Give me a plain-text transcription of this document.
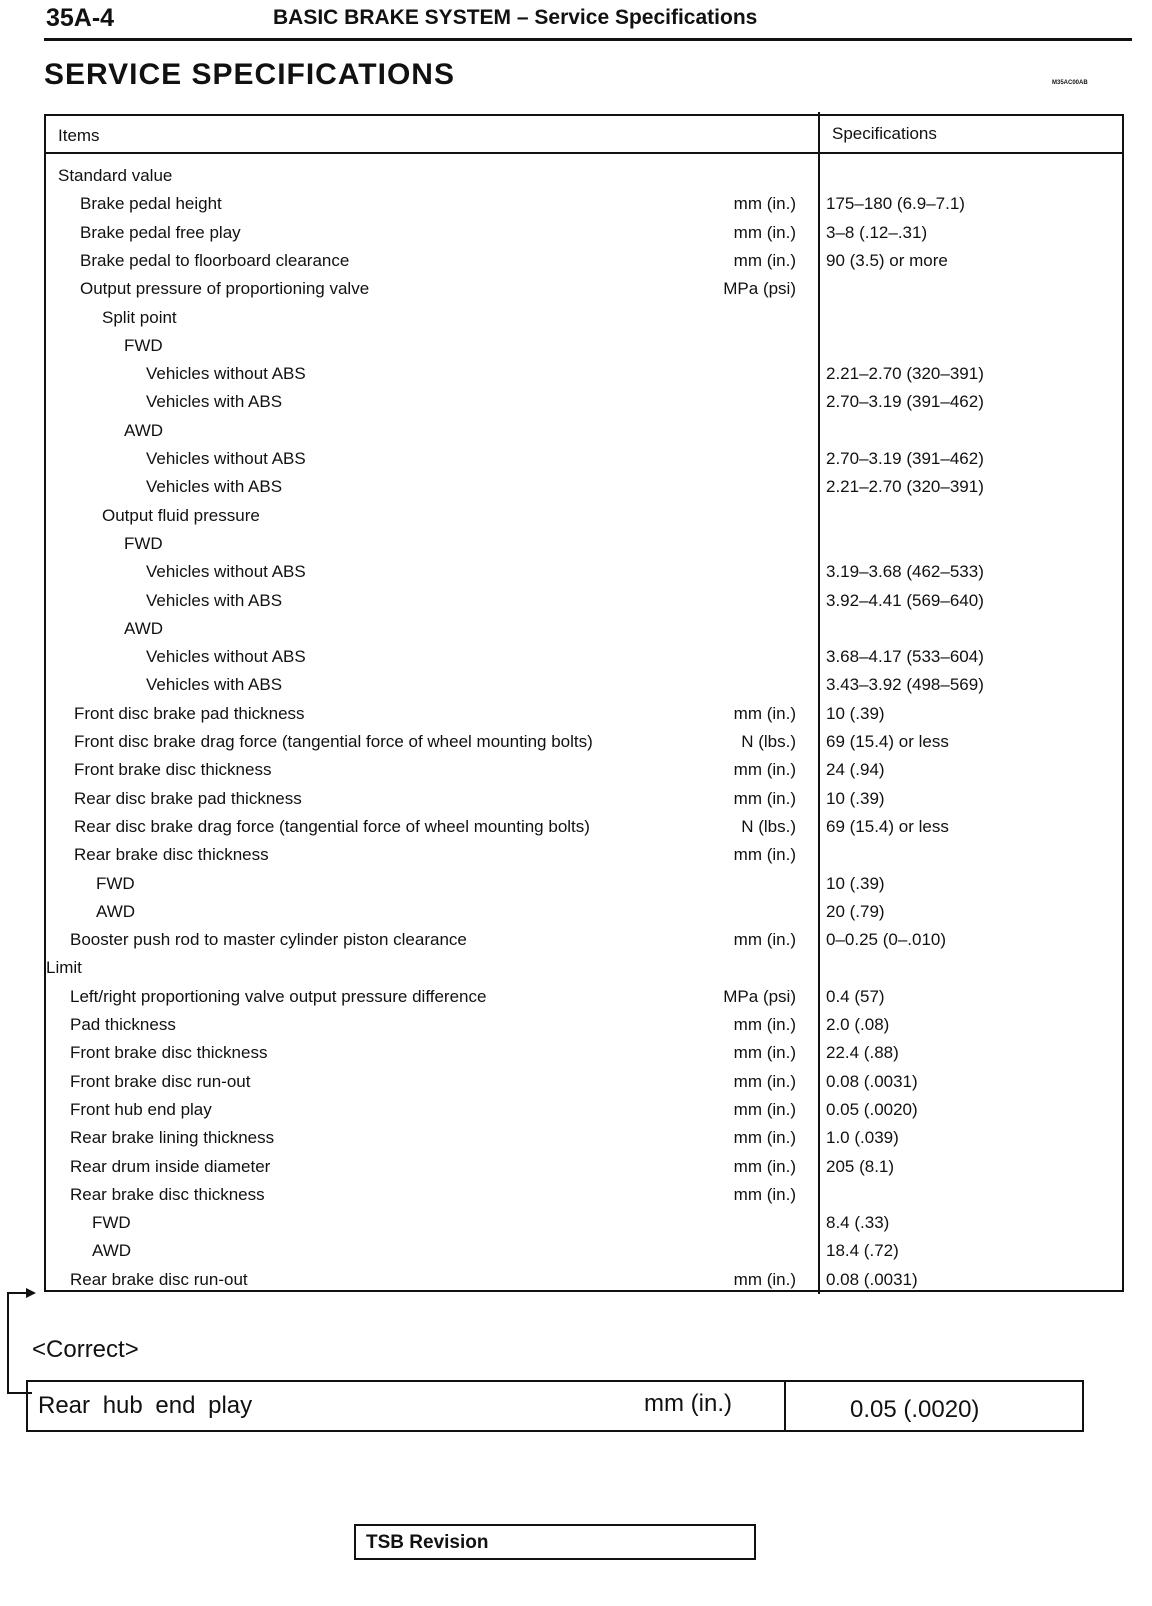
35A-4	BASIC BRAKE SYSTEM – Service Specifications
SERVICE SPECIFICATIONS	M35AC00AB
Items	Specifications
Standard value
Brake pedal height	mm (in.) 175–180 (6.9–7.1)
Brake pedal free play	mm (in.) 3–8 (.12–.31)
Brake pedal to floorboard clearance	mm (in.) 90 (3.5) or more
Output pressure of proportioning valve	MPa (psi)
Split point
FWD
Vehicles without ABS	2.21–2.70 (320–391)
Vehicles with ABS	2.70–3.19 (391–462)
AWD
Vehicles without ABS	2.70–3.19 (391–462)
Vehicles with ABS	2.21–2.70 (320–391)
Output fluid pressure
FWD
Vehicles without ABS	3.19–3.68 (462–533)
Vehicles with ABS	3.92–4.41 (569–640)
AWD
Vehicles without ABS	3.68–4.17 (533–604)
Vehicles with ABS	3.43–3.92 (498–569)
Front disc brake pad thickness	mm (in.) 10 (.39)
Front disc brake drag force (tangential force of wheel mounting bolts)	N (lbs.) 69 (15.4) or less
Front brake disc thickness	mm (in.) 24 (.94)
Rear disc brake pad thickness	mm (in.) 10 (.39)
Rear disc brake drag force (tangential force of wheel mounting bolts)	N (lbs.) 69 (15.4) or less
Rear brake disc thickness	mm (in.)
FWD	10 (.39)
AWD	20 (.79)
Booster push rod to master cylinder piston clearance	mm (in.) 0–0.25 (0–.010)
Limit
Left/right proportioning valve output pressure difference	MPa (psi) 0.4 (57)
Pad thickness	mm (in.) 2.0 (.08)
Front brake disc thickness	mm (in.) 22.4 (.88)
Front brake disc run-out	mm (in.) 0.08 (.0031)
Front hub end play	mm (in.) 0.05 (.0020)
Rear brake lining thickness	mm (in.) 1.0 (.039)
Rear drum inside diameter	mm (in.) 205 (8.1)
Rear brake disc thickness	mm (in.)
FWD	8.4 (.33)
AWD	18.4 (.72)
Rear brake disc run-out	mm (in.) 0.08 (.0031)
<Correct>
Rear hub end play	mm (in.)	0.05 (.0020)
TSB Revision
